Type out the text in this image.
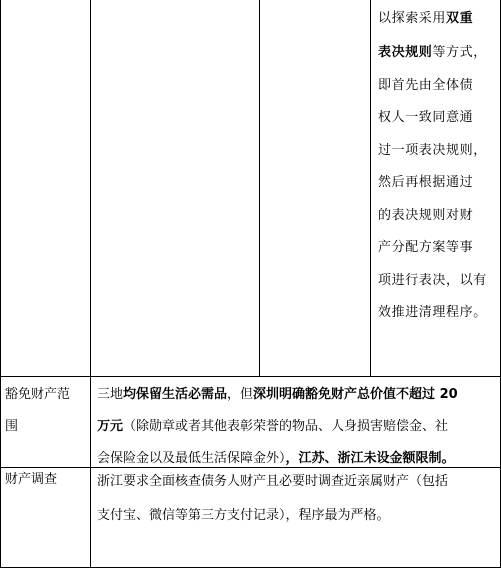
以探索采用双重
表决规则等方式，
即首先由全体债
权人一致同意通
过一项表决规则，
然后再根据通过
的表决规则对财
产分配方案等事
项进行表决，以有
效推进清理程序。
豁免财产范
围
三地均保留生活必需品，但深圳明确豁免财产总价值不超过 20
万元（除勋章或者其他表彰荣誉的物品、人身损害赔偿金、社
会保险金以及最低生活保障金外），江苏、浙江未设金额限制。
财产调查	浙江要求全面核查债务人财产且必要时调查近亲属财产（包括
支付宝、微信等第三方支付记录），程序最为严格。
